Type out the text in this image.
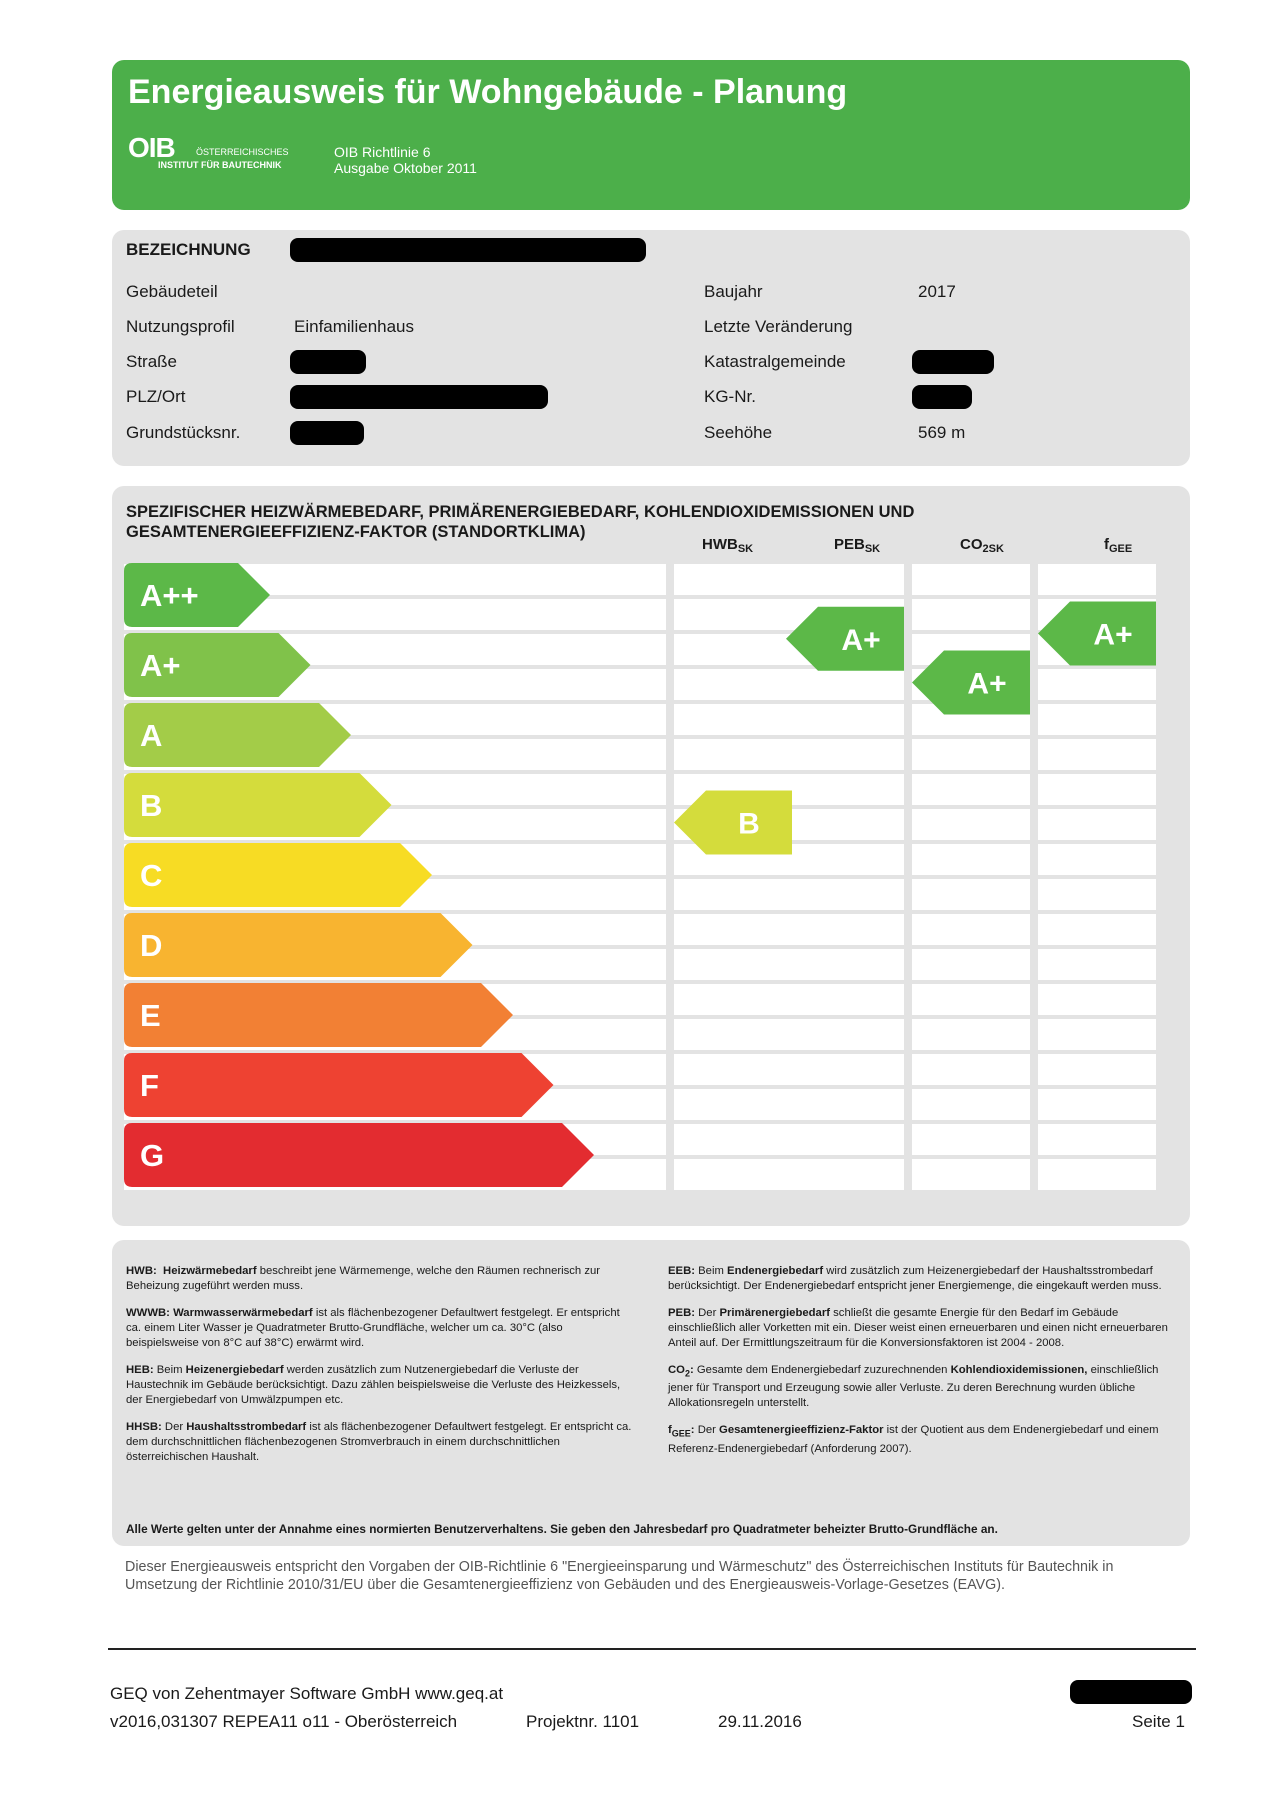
Energieausweis für Wohngebäude - Planung
OIB ÖSTERREICHISCHES
INSTITUT FÜR BAUTECHNIK
OIB Richtlinie 6
Ausgabe Oktober 2011
BEZEICHNUNG
Gebäudeteil
Nutzungsprofil	Einfamilienhaus
Straße
PLZ/Ort
Grundstücksnr.
Baujahr	2017
Letzte Veränderung
Katastralgemeinde
KG-Nr.
Seehöhe	569 m
SPEZIFISCHER HEIZWÄRMEBEDARF, PRIMÄRENERGIEBEDARF, KOHLENDIOXIDEMISSIONEN UND
GESAMTENERGIEEFFIZIENZ-FAKTOR (STANDORTKLIMA)
$HWB_{SK}$	$PEB_{SK}$	$CO_{2SK}$	$f_{GEE}$
A++
A+
A
B
C
D
E
F
G
B
A+
A+
A+

HWB: Heizwärmebedarf beschreibt jene Wärmemenge, welche den Räumen rechnerisch zur Beheizung zugeführt werden muss.

WWWB: Warmwasserwärmebedarf ist als flächenbezogener Defaultwert festgelegt. Er entspricht ca. einem Liter Wasser je Quadratmeter Brutto-Grundfläche, welcher um ca. 30°C (also beispielsweise von 8°C auf 38°C) erwärmt wird.

HEB: Beim Heizenergiebedarf werden zusätzlich zum Nutzenergiebedarf die Verluste der Haustechnik im Gebäude berücksichtigt. Dazu zählen beispielsweise die Verluste des Heizkessels, der Energiebedarf von Umwälzpumpen etc.

HHSB: Der Haushaltsstrombedarf ist als flächenbezogener Defaultwert festgelegt. Er entspricht ca. dem durchschnittlichen flächenbezogenen Stromverbrauch in einem durchschnittlichen österreichischen Haushalt.

EEB: Beim Endenergiebedarf wird zusätzlich zum Heizenergiebedarf der Haushaltsstrombedarf berücksichtigt. Der Endenergiebedarf entspricht jener Energiemenge, die eingekauft werden muss.

PEB: Der Primärenergiebedarf schließt die gesamte Energie für den Bedarf im Gebäude einschließlich aller Vorketten mit ein. Dieser weist einen erneuerbaren und einen nicht erneuerbaren Anteil auf. Der Ermittlungszeitraum für die Konversionsfaktoren ist 2004 - 2008.

$CO_2$: Gesamte dem Endenergiebedarf zuzurechnenden Kohlendioxidemissionen, einschließlich jener für Transport und Erzeugung sowie aller Verluste. Zu deren Berechnung wurden übliche Allokationsregeln unterstellt.

$f_{GEE}$: Der Gesamtenergieeffizienz-Faktor ist der Quotient aus dem Endenergiebedarf und einem Referenz-Endenergiebedarf (Anforderung 2007).

Alle Werte gelten unter der Annahme eines normierten Benutzerverhaltens. Sie geben den Jahresbedarf pro Quadratmeter beheizter Brutto-Grundfläche an.
Dieser Energieausweis entspricht den Vorgaben der OIB-Richtlinie 6 "Energieeinsparung und Wärmeschutz" des Österreichischen Instituts für Bautechnik in Umsetzung der Richtlinie 2010/31/EU über die Gesamtenergieeffizienz von Gebäuden und des Energieausweis-Vorlage-Gesetzes (EAVG).
GEQ von Zehentmayer Software GmbH www.geq.at
v2016,031307 REPEA11 o11 - Oberösterreich	Projektnr. 1101	29.11.2016	Seite 1
